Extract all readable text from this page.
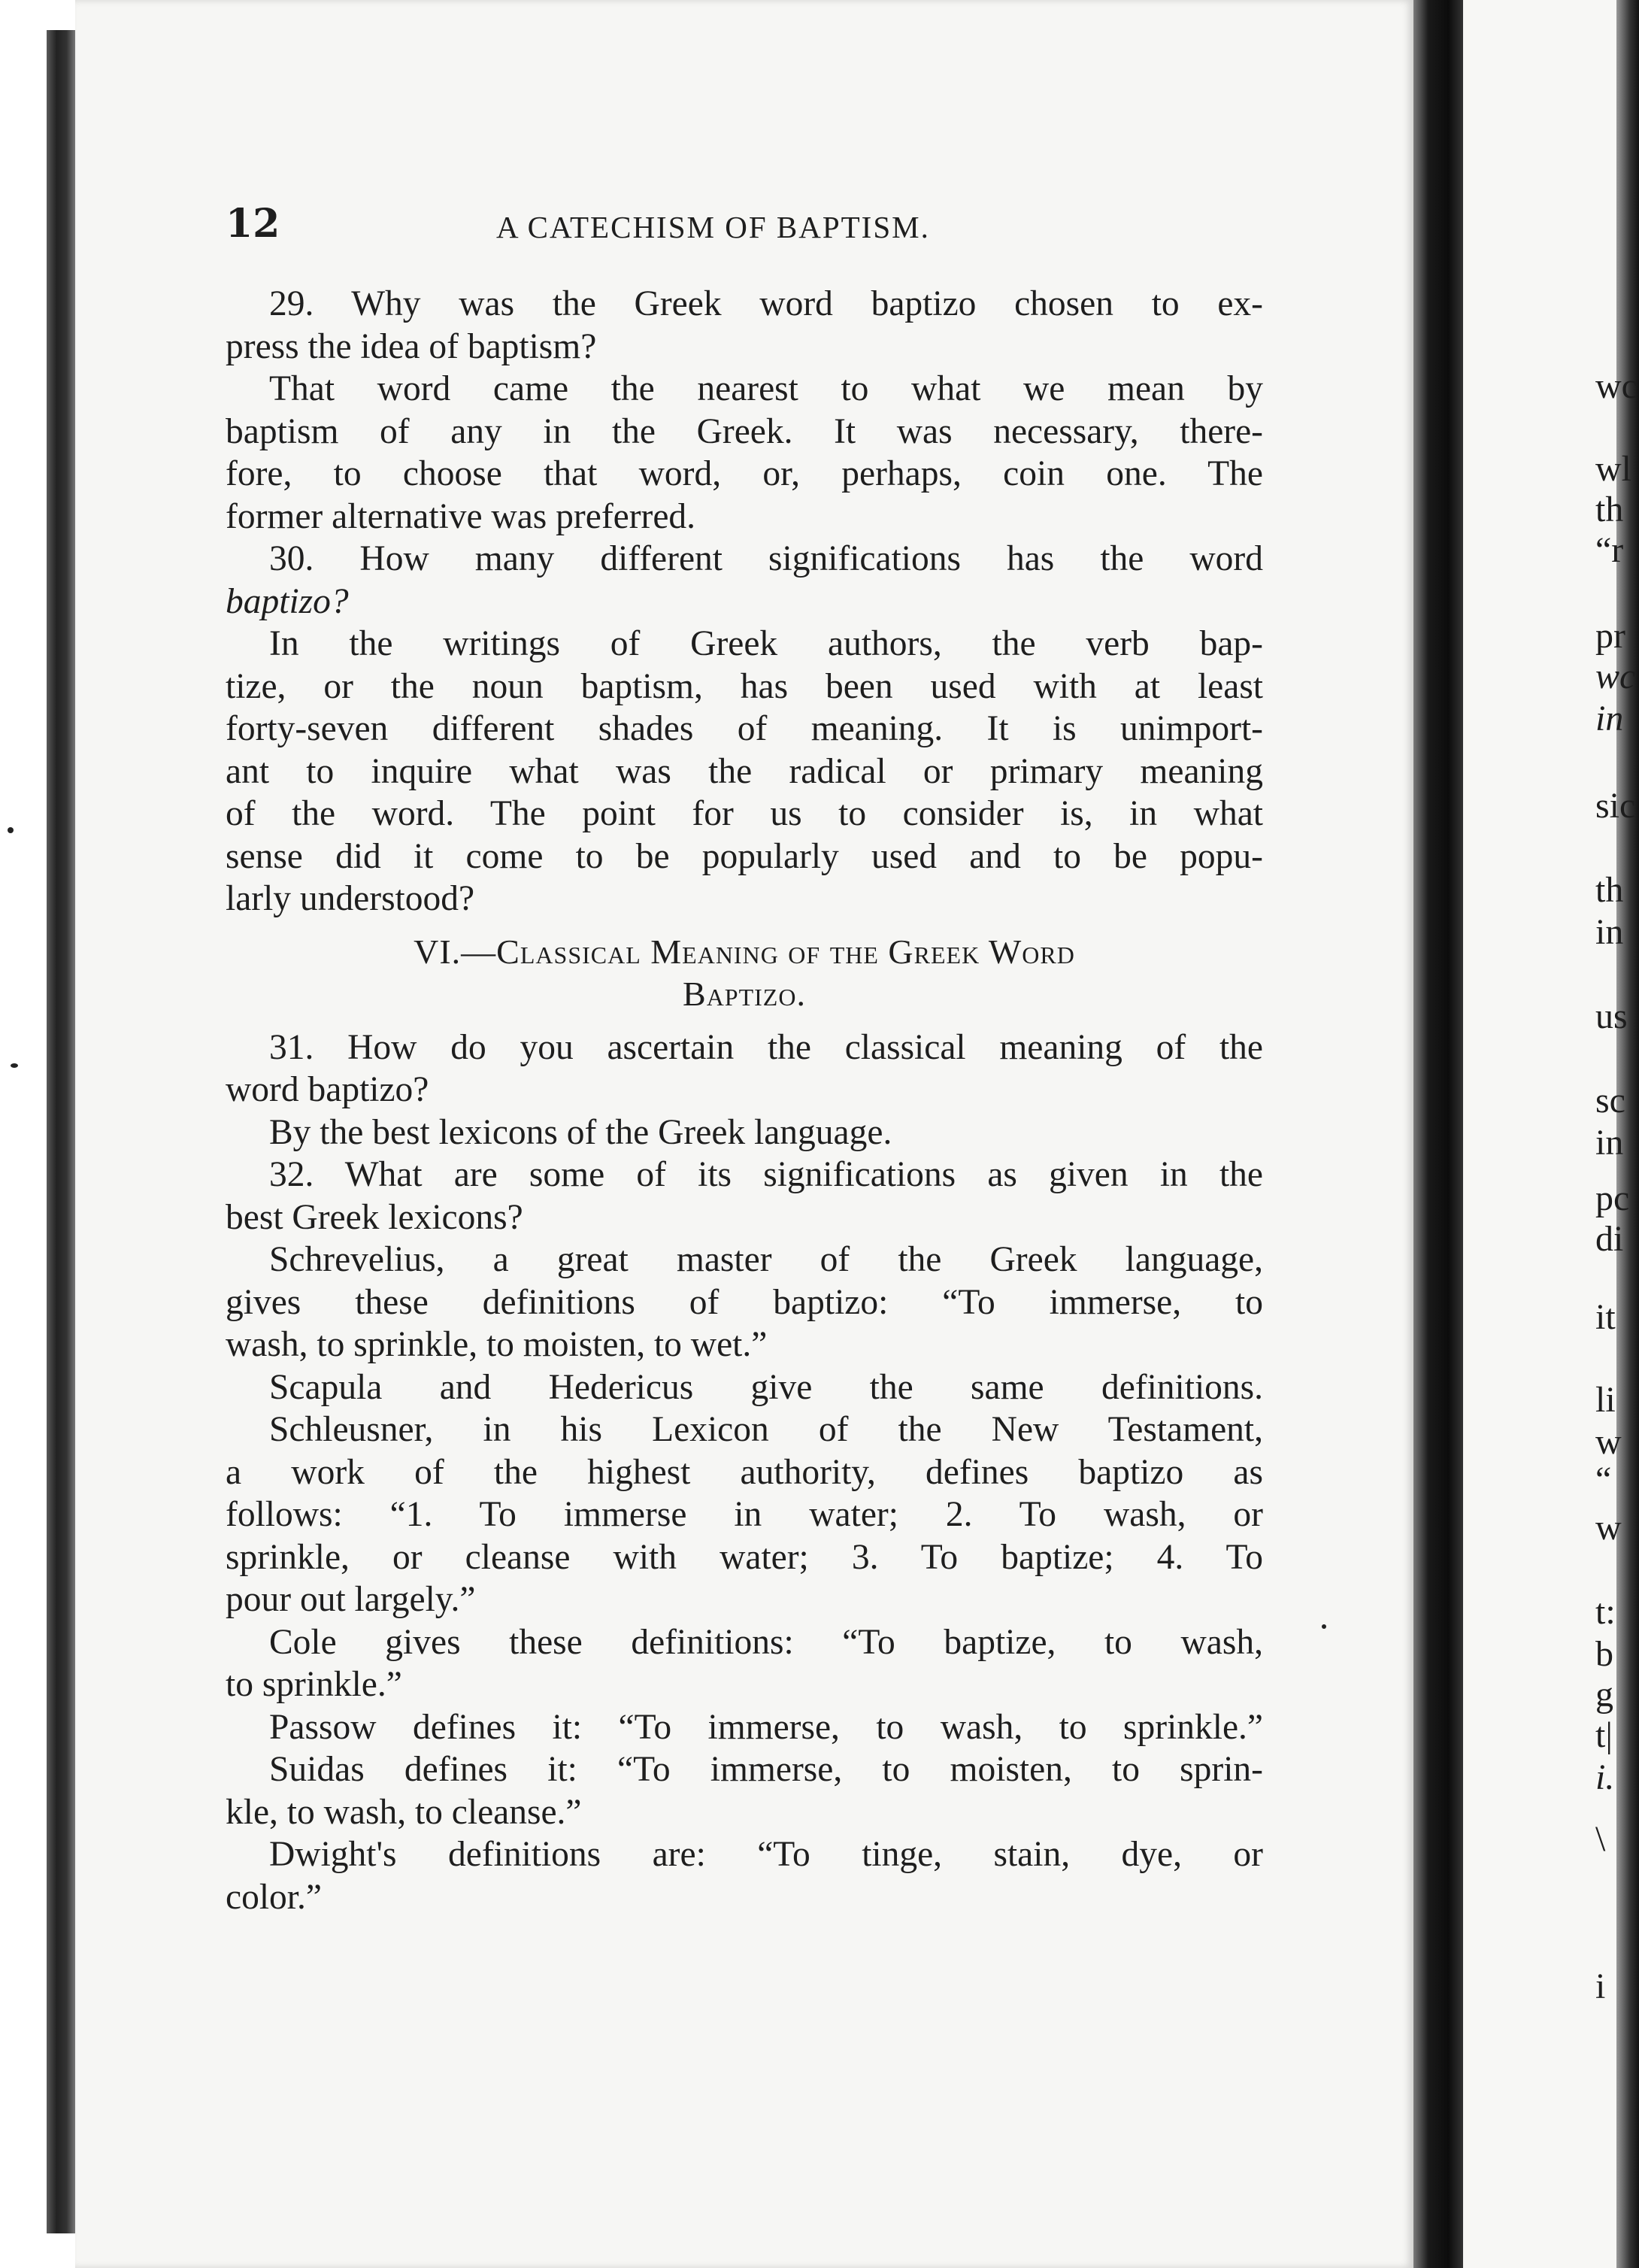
wc
wl
th
“r
pr
wc
in
sic
th
in
us
sc
in
pc
di
it
li
w
“
w
t:
b
g
t|
i.
\
i
12	A CATECHISM OF BAPTISM.
29. Why was the Greek word baptizo chosen to ex-
press the idea of baptism?
That word came the nearest to what we mean by
baptism of any in the Greek. It was necessary, there-
fore, to choose that word, or, perhaps, coin one. The
former alternative was preferred.
30. How many different significations has the word
baptizo?
In the writings of Greek authors, the verb bap-
tize, or the noun baptism, has been used with at least
forty-seven different shades of meaning. It is unimport-
ant to inquire what was the radical or primary meaning
of the word. The point for us to consider is, in what
sense did it come to be popularly used and to be popu-
larly understood?
VI.—Classical Meaning of the Greek Word
Baptizo.
31. How do you ascertain the classical meaning of the
word baptizo?
By the best lexicons of the Greek language.
32. What are some of its significations as given in the
best Greek lexicons?
Schrevelius, a great master of the Greek language,
gives these definitions of baptizo: “To immerse, to
wash, to sprinkle, to moisten, to wet.”
Scapula and Hedericus give the same definitions.
Schleusner, in his Lexicon of the New Testament,
a work of the highest authority, defines baptizo as
follows: “1. To immerse in water; 2. To wash, or
sprinkle, or cleanse with water; 3. To baptize; 4. To
pour out largely.”
Cole gives these definitions: “To baptize, to wash,
to sprinkle.”
Passow defines it: “To immerse, to wash, to sprinkle.”
Suidas defines it: “To immerse, to moisten, to sprin-
kle, to wash, to cleanse.”
Dwight's definitions are: “To tinge, stain, dye, or
color.”
